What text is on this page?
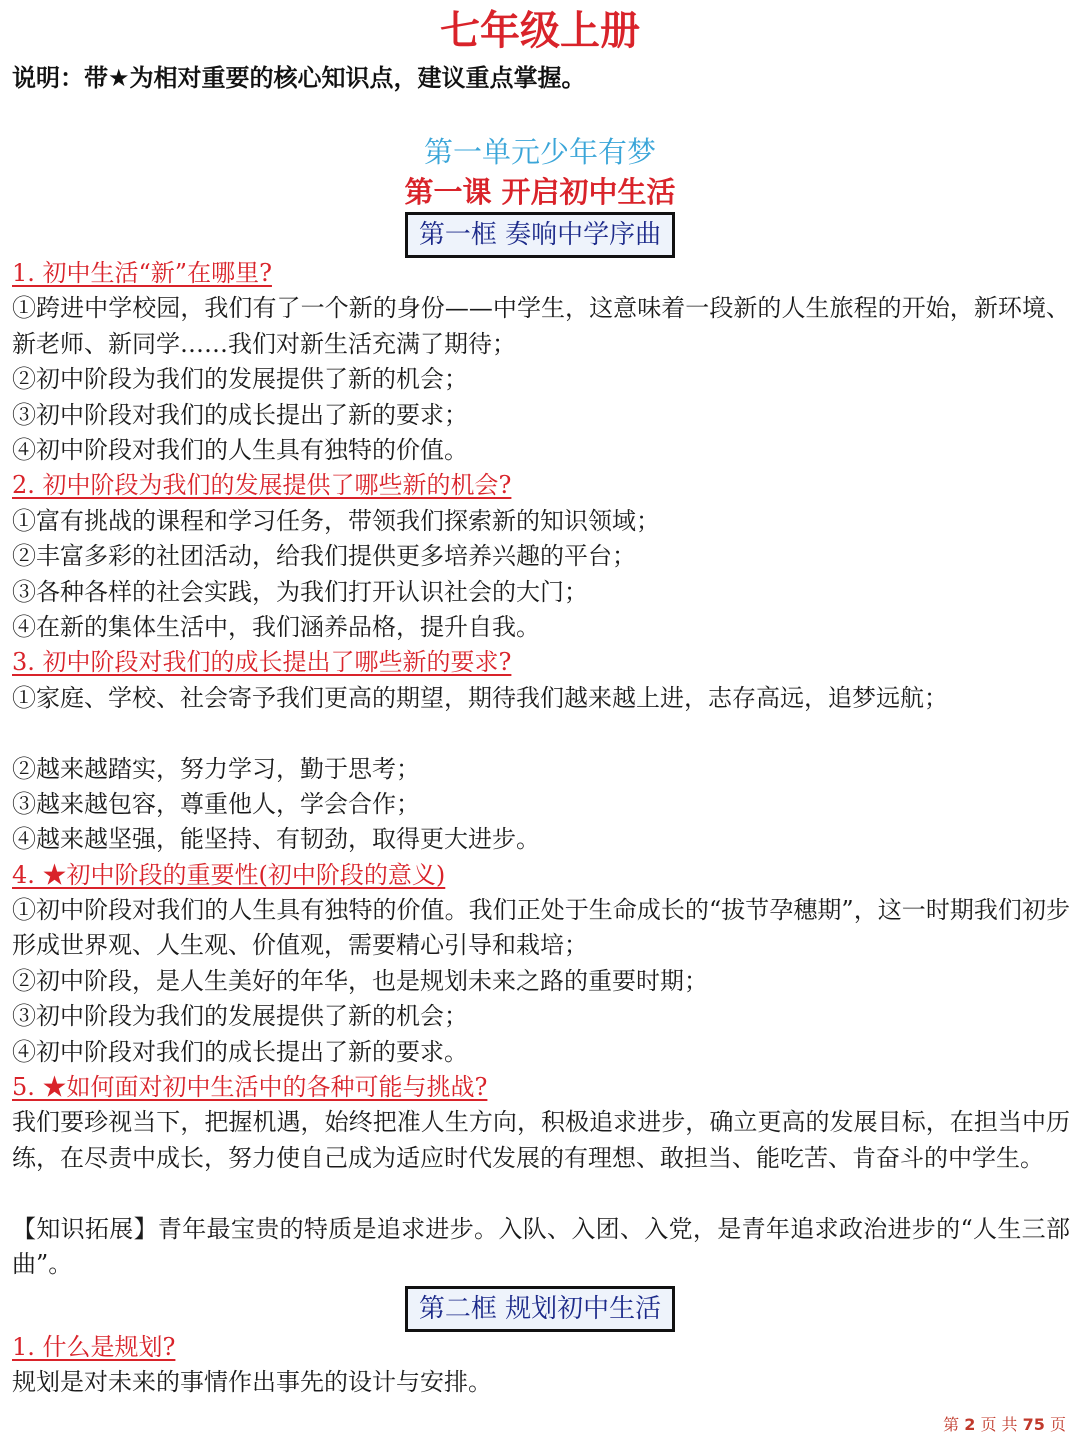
七年级上册
说明：带★为相对重要的核心知识点，建议重点掌握。
第一单元少年有梦
第一课 开启初中生活
第一框 奏响中学序曲
1. 初中生活“新”在哪里?
①跨进中学校园，我们有了一个新的身份——中学生，这意味着一段新的人生旅程的开始，新环境、新老师、新同学……我们对新生活充满了期待；
②初中阶段为我们的发展提供了新的机会；
③初中阶段对我们的成长提出了新的要求；
④初中阶段对我们的人生具有独特的价值。
2. 初中阶段为我们的发展提供了哪些新的机会?
①富有挑战的课程和学习任务，带领我们探索新的知识领域；
②丰富多彩的社团活动，给我们提供更多培养兴趣的平台；
③各种各样的社会实践，为我们打开认识社会的大门；
④在新的集体生活中，我们涵养品格，提升自我。
3. 初中阶段对我们的成长提出了哪些新的要求?
①家庭、学校、社会寄予我们更高的期望，期待我们越来越上进，志存高远，追梦远航；
②越来越踏实，努力学习，勤于思考；
③越来越包容，尊重他人，学会合作；
④越来越坚强，能坚持、有韧劲，取得更大进步。
4. ★初中阶段的重要性(初中阶段的意义)
①初中阶段对我们的人生具有独特的价值。我们正处于生命成长的“拔节孕穗期”，这一时期我们初步形成世界观、人生观、价值观，需要精心引导和栽培；
②初中阶段，是人生美好的年华，也是规划未来之路的重要时期；
③初中阶段为我们的发展提供了新的机会；
④初中阶段对我们的成长提出了新的要求。
5. ★如何面对初中生活中的各种可能与挑战?
我们要珍视当下，把握机遇，始终把准人生方向，积极追求进步，确立更高的发展目标，在担当中历练，在尽责中成长，努力使自己成为适应时代发展的有理想、敢担当、能吃苦、肯奋斗的中学生。
【知识拓展】青年最宝贵的特质是追求进步。入队、入团、入党，是青年追求政治进步的“人生三部曲”。
第二框 规划初中生活
1. 什么是规划?
规划是对未来的事情作出事先的设计与安排。
第 2 页 共 75 页
